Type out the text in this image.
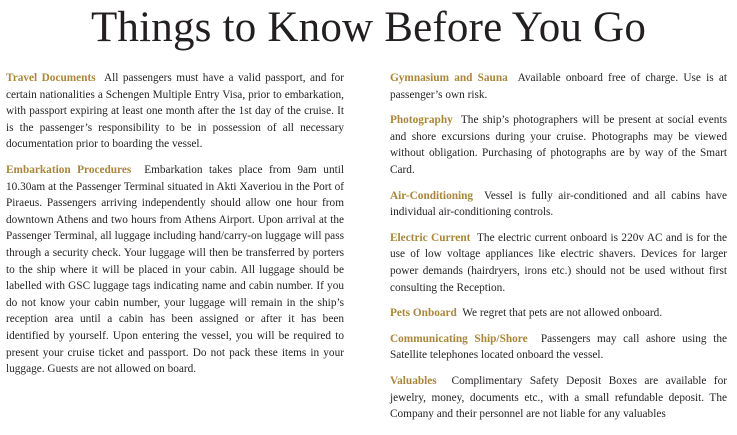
Things to Know Before You Go

Travel Documents All passengers must have a valid passport, and for certain nationalities a Schengen Multiple Entry Visa, prior to embarkation, with passport expiring at least one month after the 1st day of the cruise. It is the passenger’s responsibility to be in possession of all necessary documentation prior to boarding the vessel.

Embarkation Procedures Embarkation takes place from 9am until 10.30am at the Passenger Terminal situated in Akti Xaveriou in the Port of Piraeus. Passengers arriving independently should allow one hour from downtown Athens and two hours from Athens Airport. Upon arrival at the Passenger Terminal, all luggage including hand/carry-on luggage will pass through a security check. Your luggage will then be transferred by porters to the ship where it will be placed in your cabin. All luggage should be labelled with GSC luggage tags indicating name and cabin number. If you do not know your cabin number, your luggage will remain in the ship’s reception area until a cabin has been assigned or after it has been identified by yourself. Upon entering the vessel, you will be required to present your cruise ticket and passport. Do not pack these items in your luggage. Guests are not allowed on board.

Gymnasium and Sauna Available onboard free of charge. Use is at passenger’s own risk.

Photography The ship’s photographers will be present at social events and shore excursions during your cruise. Photographs may be viewed without obligation. Purchasing of photographs are by way of the Smart Card.

Air-Conditioning Vessel is fully air-conditioned and all cabins have individual air-conditioning controls.

Electric Current The electric current onboard is 220v AC and is for the use of low voltage appliances like electric shavers. Devices for larger power demands (hairdryers, irons etc.) should not be used without first consulting the Reception.

Pets Onboard We regret that pets are not allowed onboard.

Communicating Ship/Shore Passengers may call ashore using the Satellite telephones located onboard the vessel.

Valuables Complimentary Safety Deposit Boxes are available for jewelry, money, documents etc., with a small refundable deposit. The Company and their personnel are not liable for any valuables
